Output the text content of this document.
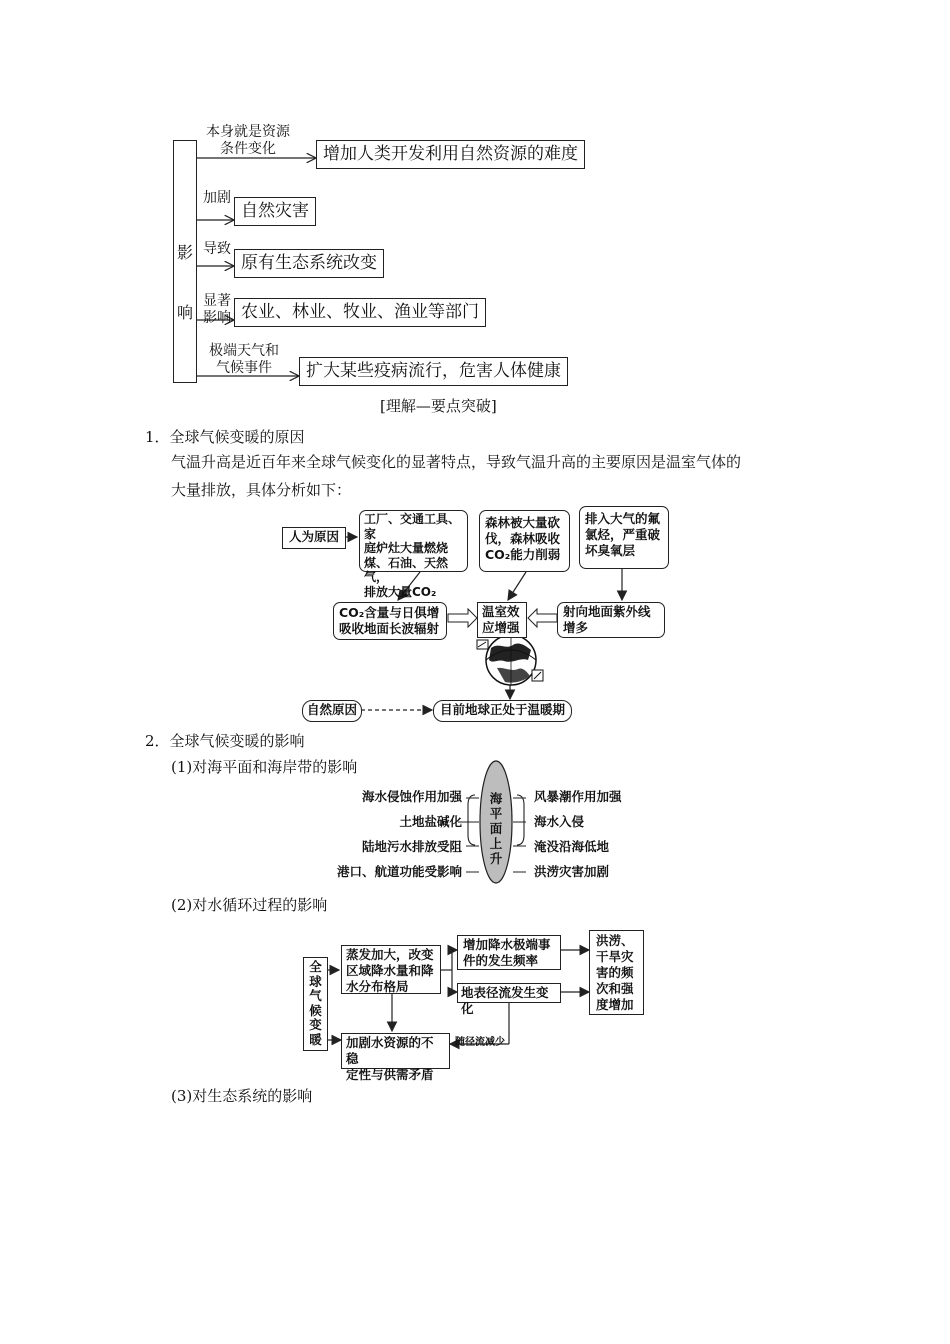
影
响
本身就是资源
条件变化	增加人类开发利用自然资源的难度
加剧
自然灾害
导致
原有生态系统改变
显著
影响 农业、林业、牧业、渔业等部门
极端天气和
气候事件	扩大某些疫病流行，危害人体健康
[理解—要点突破]
1．全球气候变暖的原因
气温升高是近百年来全球气候变化的显著特点，导致气温升高的主要原因是温室气体的
大量排放，具体分析如下：
人为原因
工厂、交通工具、家
庭炉灶大量燃烧
煤、石油、天然气，
排放大量CO₂
森林被大量砍
伐，森林吸收
CO₂能力削弱
排入大气的氟
氯烃，严重破
坏臭氧层
CO₂含量与日俱增
吸收地面长波辐射
温室效
应增强
射向地面紫外线
增多
自然原因	目前地球正处于温暖期
2．全球气候变暖的影响
(1)对海平面和海岸带的影响
海
平
面
上
升
海水侵蚀作用加强
土地盐碱化
陆地污水排放受阻
港口、航道功能受影响
风暴潮作用加强
海水入侵
淹没沿海低地
洪涝灾害加剧
(2)对水循环过程的影响
全
球
气
候
变
暖
蒸发加大，改变
区域降水量和降
水分布格局
增加降水极端事
件的发生频率
地表径流发生变化
洪涝、
干旱灾
害的频
次和强
度增加
加剧水资源的不稳
定性与供需矛盾
随径流减少
(3)对生态系统的影响
